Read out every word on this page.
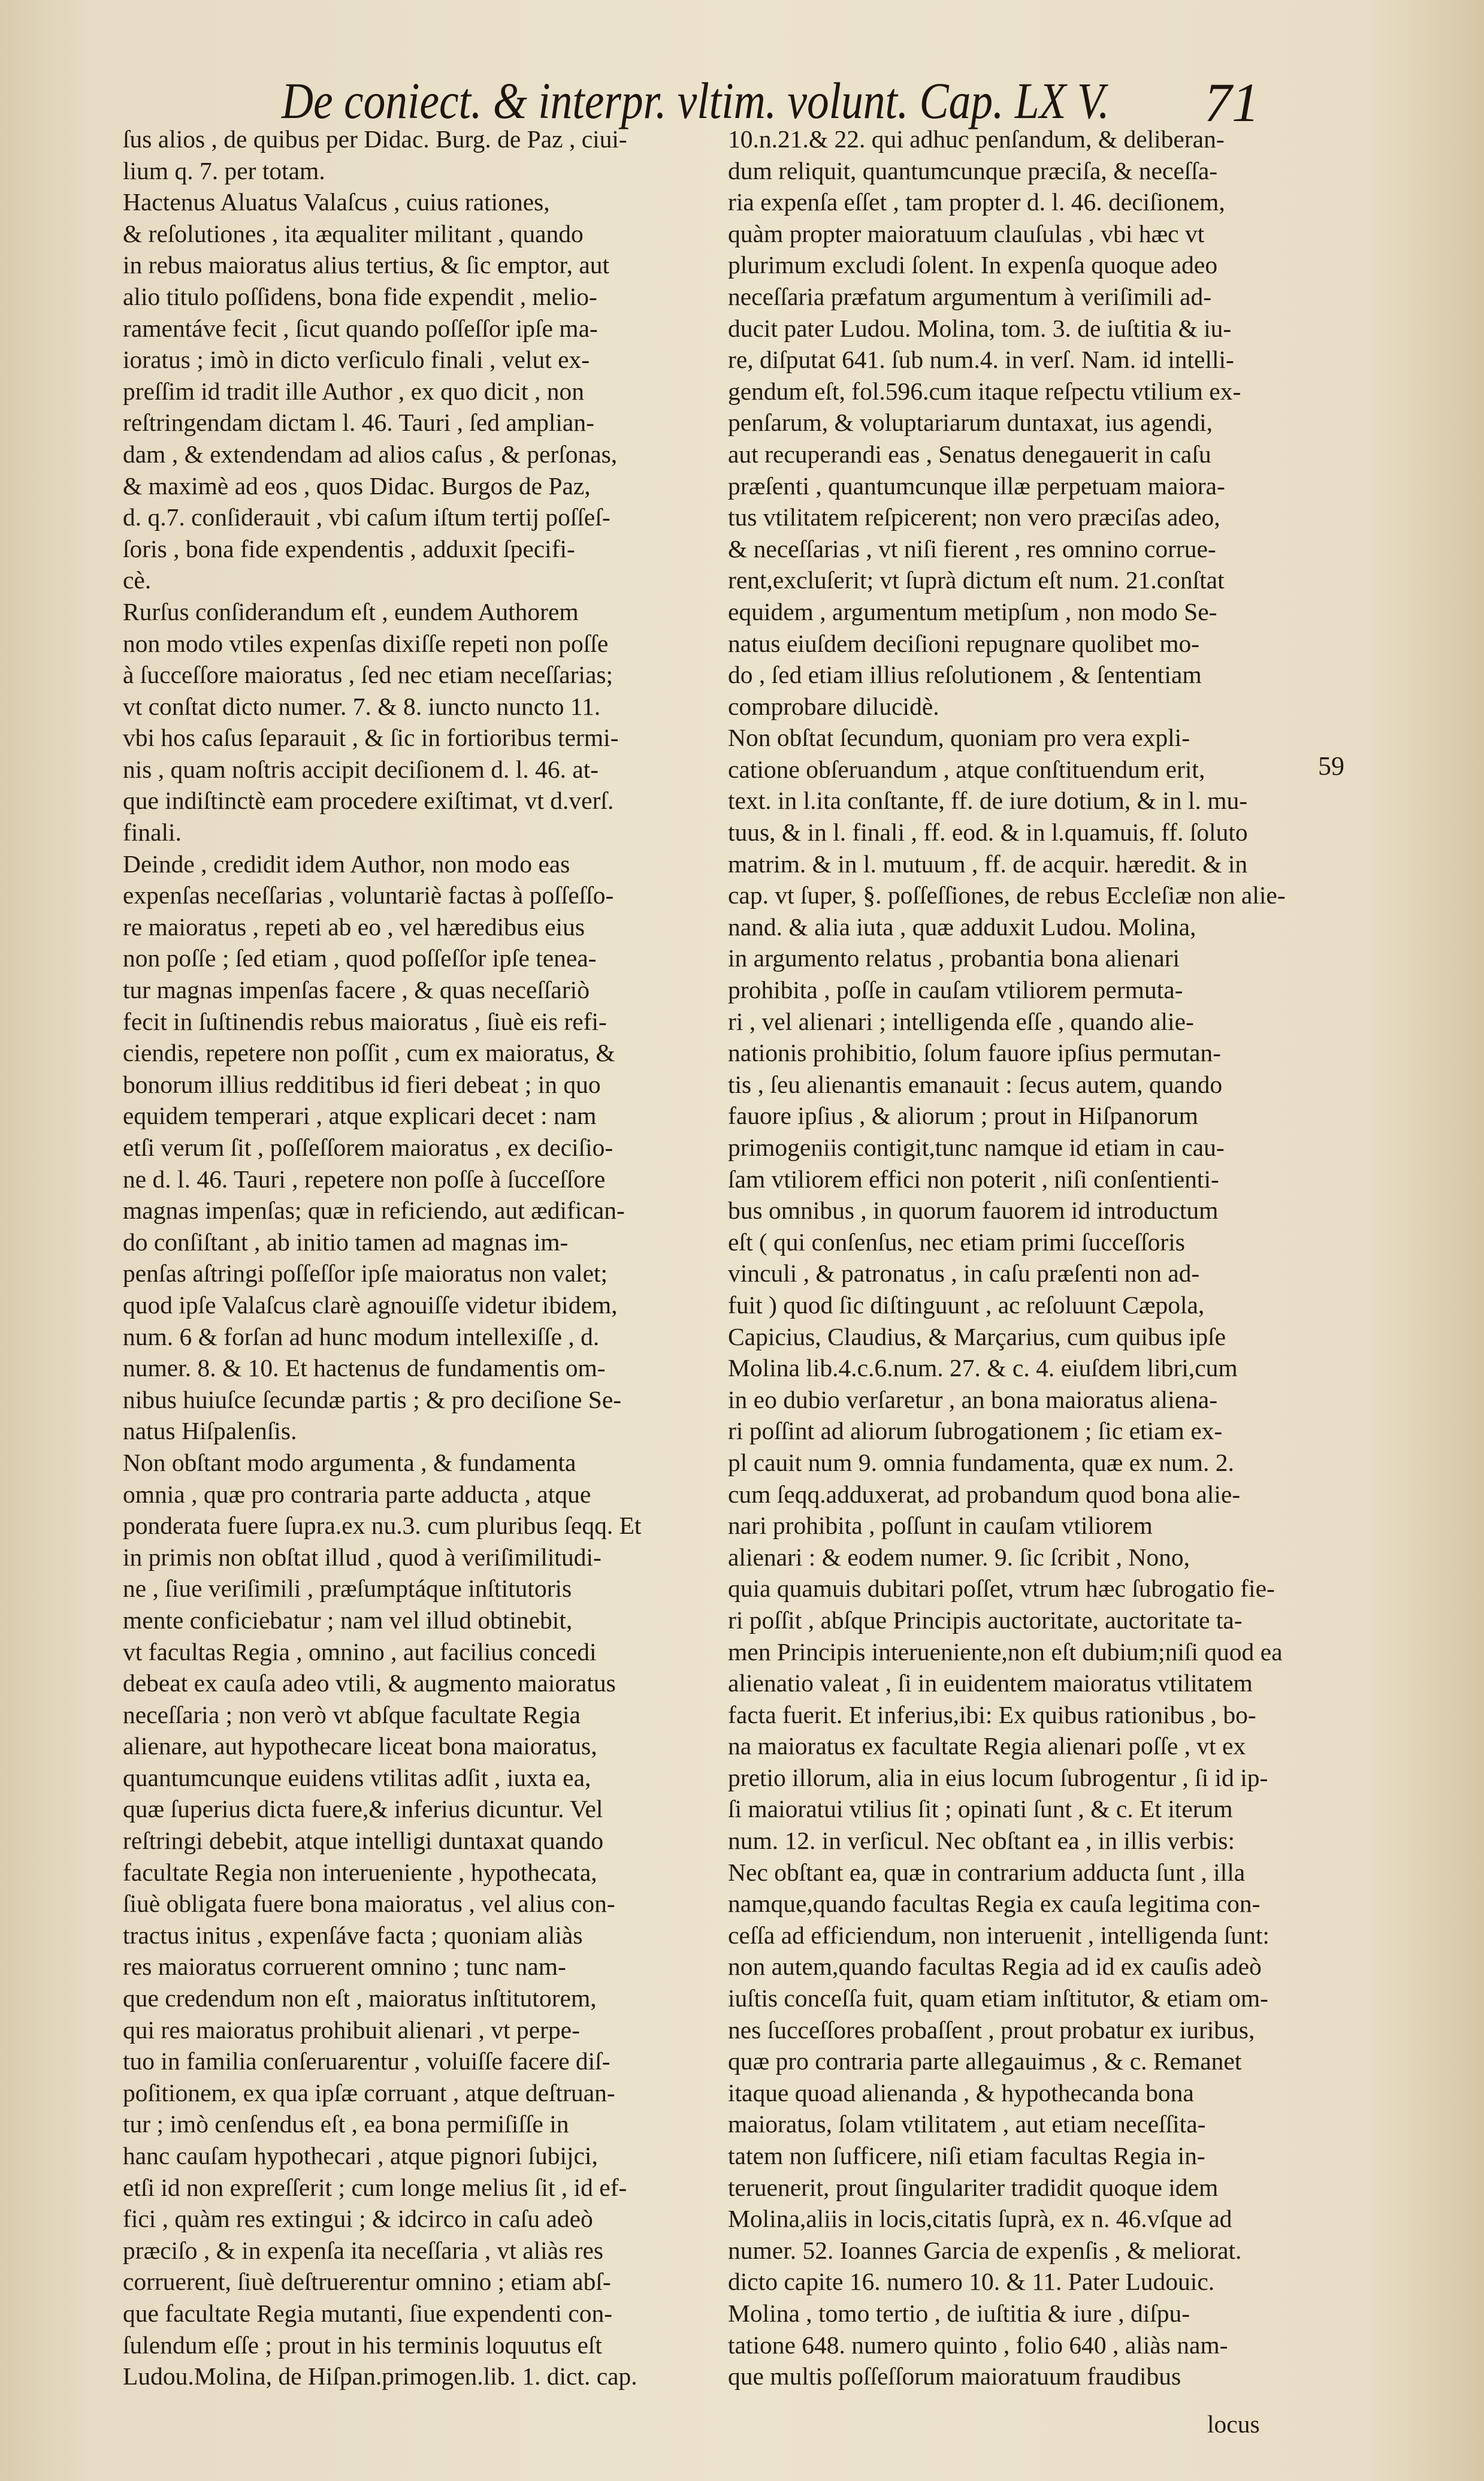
De coniect. & interpr. vltim. volunt. Cap. LX V.	71
ſus alios , de quibus per Didac. Burg. de Paz , ciui-
lium q. 7. per totam.
Hactenus Aluatus Valaſcus , cuius rationes,
& reſolutiones , ita æqualiter militant , quando
in rebus maioratus alius tertius, & ſic emptor, aut
alio titulo poſſidens, bona fide expendit , melio-
ramentáve fecit , ſicut quando poſſeſſor ipſe ma-
ioratus ; imò in dicto verſiculo finali , velut ex-
preſſim id tradit ille Author , ex quo dicit , non
reſtringendam dictam l. 46. Tauri , ſed amplian-
dam , & extendendam ad alios caſus , & perſonas,
& maximè ad eos , quos Didac. Burgos de Paz,
d. q.7. conſiderauit , vbi caſum iſtum tertij poſſeſ-
ſoris , bona fide expendentis , adduxit ſpecifi-
cè.
Rurſus conſiderandum eſt , eundem Authorem
non modo vtiles expenſas dixiſſe repeti non poſſe
à ſucceſſore maioratus , ſed nec etiam neceſſarias;
vt conſtat dicto numer. 7. & 8. iuncto nuncto 11.
vbi hos caſus ſeparauit , & ſic in fortioribus termi-
nis , quam noſtris accipit deciſionem d. l. 46. at-
que indiſtinctè eam procedere exiſtimat, vt d.verſ.
finali.
Deinde , credidit idem Author, non modo eas
expenſas neceſſarias , voluntariè factas à poſſeſſo-
re maioratus , repeti ab eo , vel hæredibus eius
non poſſe ; ſed etiam , quod poſſeſſor ipſe tenea-
tur magnas impenſas facere , & quas neceſſariò
fecit in ſuſtinendis rebus maioratus , ſiuè eis refi-
ciendis, repetere non poſſit , cum ex maioratus, &
bonorum illius redditibus id fieri debeat ; in quo
equidem temperari , atque explicari decet : nam
etſi verum ſit , poſſeſſorem maioratus , ex deciſio-
ne d. l. 46. Tauri , repetere non poſſe à ſucceſſore
magnas impenſas; quæ in reficiendo, aut ædifican-
do conſiſtant , ab initio tamen ad magnas im-
penſas aſtringi poſſeſſor ipſe maioratus non valet;
quod ipſe Valaſcus clarè agnouiſſe videtur ibidem,
num. 6 & forſan ad hunc modum intellexiſſe , d.
numer. 8. & 10. Et hactenus de fundamentis om-
nibus huiuſce ſecundæ partis ; & pro deciſione Se-
natus Hiſpalenſis.
Non obſtant modo argumenta , & fundamenta
omnia , quæ pro contraria parte adducta , atque
ponderata fuere ſupra.ex nu.3. cum pluribus ſeqq. Et
in primis non obſtat illud , quod à veriſimilitudi-
ne , ſiue veriſimili , præſumptáque inſtitutoris
mente conficiebatur ; nam vel illud obtinebit,
vt facultas Regia , omnino , aut facilius concedi
debeat ex cauſa adeo vtili, & augmento maioratus
neceſſaria ; non verò vt abſque facultate Regia
alienare, aut hypothecare liceat bona maioratus,
quantumcunque euidens vtilitas adſit , iuxta ea,
quæ ſuperius dicta fuere,& inferius dicuntur. Vel
reſtringi debebit, atque intelligi duntaxat quando
facultate Regia non interueniente , hypothecata,
ſiuè obligata fuere bona maioratus , vel alius con-
tractus initus , expenſáve facta ; quoniam aliàs
res maioratus corruerent omnino ; tunc nam-
que credendum non eſt , maioratus inſtitutorem,
qui res maioratus prohibuit alienari , vt perpe-
tuo in familia conſeruarentur , voluiſſe facere diſ-
poſitionem, ex qua ipſæ corruant , atque deſtruan-
tur ; imò cenſendus eſt , ea bona permiſiſſe in
hanc cauſam hypothecari , atque pignori ſubijci,
etſi id non expreſſerit ; cum longe melius ſit , id ef-
fici , quàm res extingui ; & idcirco in caſu adeò
præciſo , & in expenſa ita neceſſaria , vt aliàs res
corruerent, ſiuè deſtruerentur omnino ; etiam abſ-
que facultate Regia mutanti, ſiue expendenti con-
ſulendum eſſe ; prout in his terminis loquutus eſt
Ludou.Molina, de Hiſpan.primogen.lib. 1. dict. cap.
10.n.21.& 22. qui adhuc penſandum, & deliberan-
dum reliquit, quantumcunque præciſa, & neceſſa-
ria expenſa eſſet , tam propter d. l. 46. deciſionem,
quàm propter maioratuum clauſulas , vbi hæc vt
plurimum excludi ſolent. In expenſa quoque adeo
neceſſaria præfatum argumentum à veriſimili ad-
ducit pater Ludou. Molina, tom. 3. de iuſtitia & iu-
re, diſputat 641. ſub num.4. in verſ. Nam. id intelli-
gendum eſt, fol.596.cum itaque reſpectu vtilium ex-
penſarum, & voluptariarum duntaxat, ius agendi,
aut recuperandi eas , Senatus denegauerit in caſu
præſenti , quantumcunque illæ perpetuam maiora-
tus vtilitatem reſpicerent; non vero præciſas adeo,
& neceſſarias , vt niſi fierent , res omnino corrue-
rent,excluſerit; vt ſuprà dictum eſt num. 21.conſtat
equidem , argumentum metipſum , non modo Se-
natus eiuſdem deciſioni repugnare quolibet mo-
do , ſed etiam illius reſolutionem , & ſententiam
comprobare dilucidè.
Non obſtat ſecundum, quoniam pro vera expli-
catione obſeruandum , atque conſtituendum erit,
text. in l.ita conſtante, ff. de iure dotium, & in l. mu-
tuus, & in l. finali , ff. eod. & in l.quamuis, ff. ſoluto
matrim. & in l. mutuum , ff. de acquir. hæredit. & in
cap. vt ſuper, §. poſſeſſiones, de rebus Eccleſiæ non alie-
nand. & alia iuta , quæ adduxit Ludou. Molina,
in argumento relatus , probantia bona alienari
prohibita , poſſe in cauſam vtiliorem permuta-
ri , vel alienari ; intelligenda eſſe , quando alie-
nationis prohibitio, ſolum fauore ipſius permutan-
tis , ſeu alienantis emanauit : ſecus autem, quando
fauore ipſius , & aliorum ; prout in Hiſpanorum
primogeniis contigit,tunc namque id etiam in cau-
ſam vtiliorem effici non poterit , niſi conſentienti-
bus omnibus , in quorum fauorem id introductum
eſt ( qui conſenſus, nec etiam primi ſucceſſoris
vinculi , & patronatus , in caſu præſenti non ad-
fuit ) quod ſic diſtinguunt , ac reſoluunt Cæpola,
Capicius, Claudius, & Marçarius, cum quibus ipſe
Molina lib.4.c.6.num. 27. & c. 4. eiuſdem libri,cum
in eo dubio verſaretur , an bona maioratus aliena-
ri poſſint ad aliorum ſubrogationem ; ſic etiam ex-
pl cauit num 9. omnia fundamenta, quæ ex num. 2.
cum ſeqq.adduxerat, ad probandum quod bona alie-
nari prohibita , poſſunt in cauſam vtiliorem
alienari : & eodem numer. 9. ſic ſcribit , Nono,
quia quamuis dubitari poſſet, vtrum hæc ſubrogatio fie-
ri poſſit , abſque Principis auctoritate, auctoritate ta-
men Principis interueniente,non eſt dubium;niſi quod ea
alienatio valeat , ſi in euidentem maioratus vtilitatem
facta fuerit. Et inferius,ibi: Ex quibus rationibus , bo-
na maioratus ex facultate Regia alienari poſſe , vt ex
pretio illorum, alia in eius locum ſubrogentur , ſi id ip-
ſi maioratui vtilius ſit ; opinati ſunt , & c. Et iterum
num. 12. in verſicul. Nec obſtant ea , in illis verbis:
Nec obſtant ea, quæ in contrarium adducta ſunt , illa
namque,quando facultas Regia ex cauſa legitima con-
ceſſa ad efficiendum, non interuenit , intelligenda ſunt:
non autem,quando facultas Regia ad id ex cauſis adeò
iuſtis conceſſa fuit, quam etiam inſtitutor, & etiam om-
nes ſucceſſores probaſſent , prout probatur ex iuribus,
quæ pro contraria parte allegauimus , & c. Remanet
itaque quoad alienanda , & hypothecanda bona
maioratus, ſolam vtilitatem , aut etiam neceſſita-
tatem non ſufficere, niſi etiam facultas Regia in-
teruenerit, prout ſingulariter tradidit quoque idem
Molina,aliis in locis,citatis ſuprà, ex n. 46.vſque ad
numer. 52. Ioannes Garcia de expenſis , & meliorat.
dicto capite 16. numero 10. & 11. Pater Ludouic.
Molina , tomo tertio , de iuſtitia & iure , diſpu-
tatione 648. numero quinto , folio 640 , aliàs nam-
que multis poſſeſſorum maioratuum fraudibus
59
locus
